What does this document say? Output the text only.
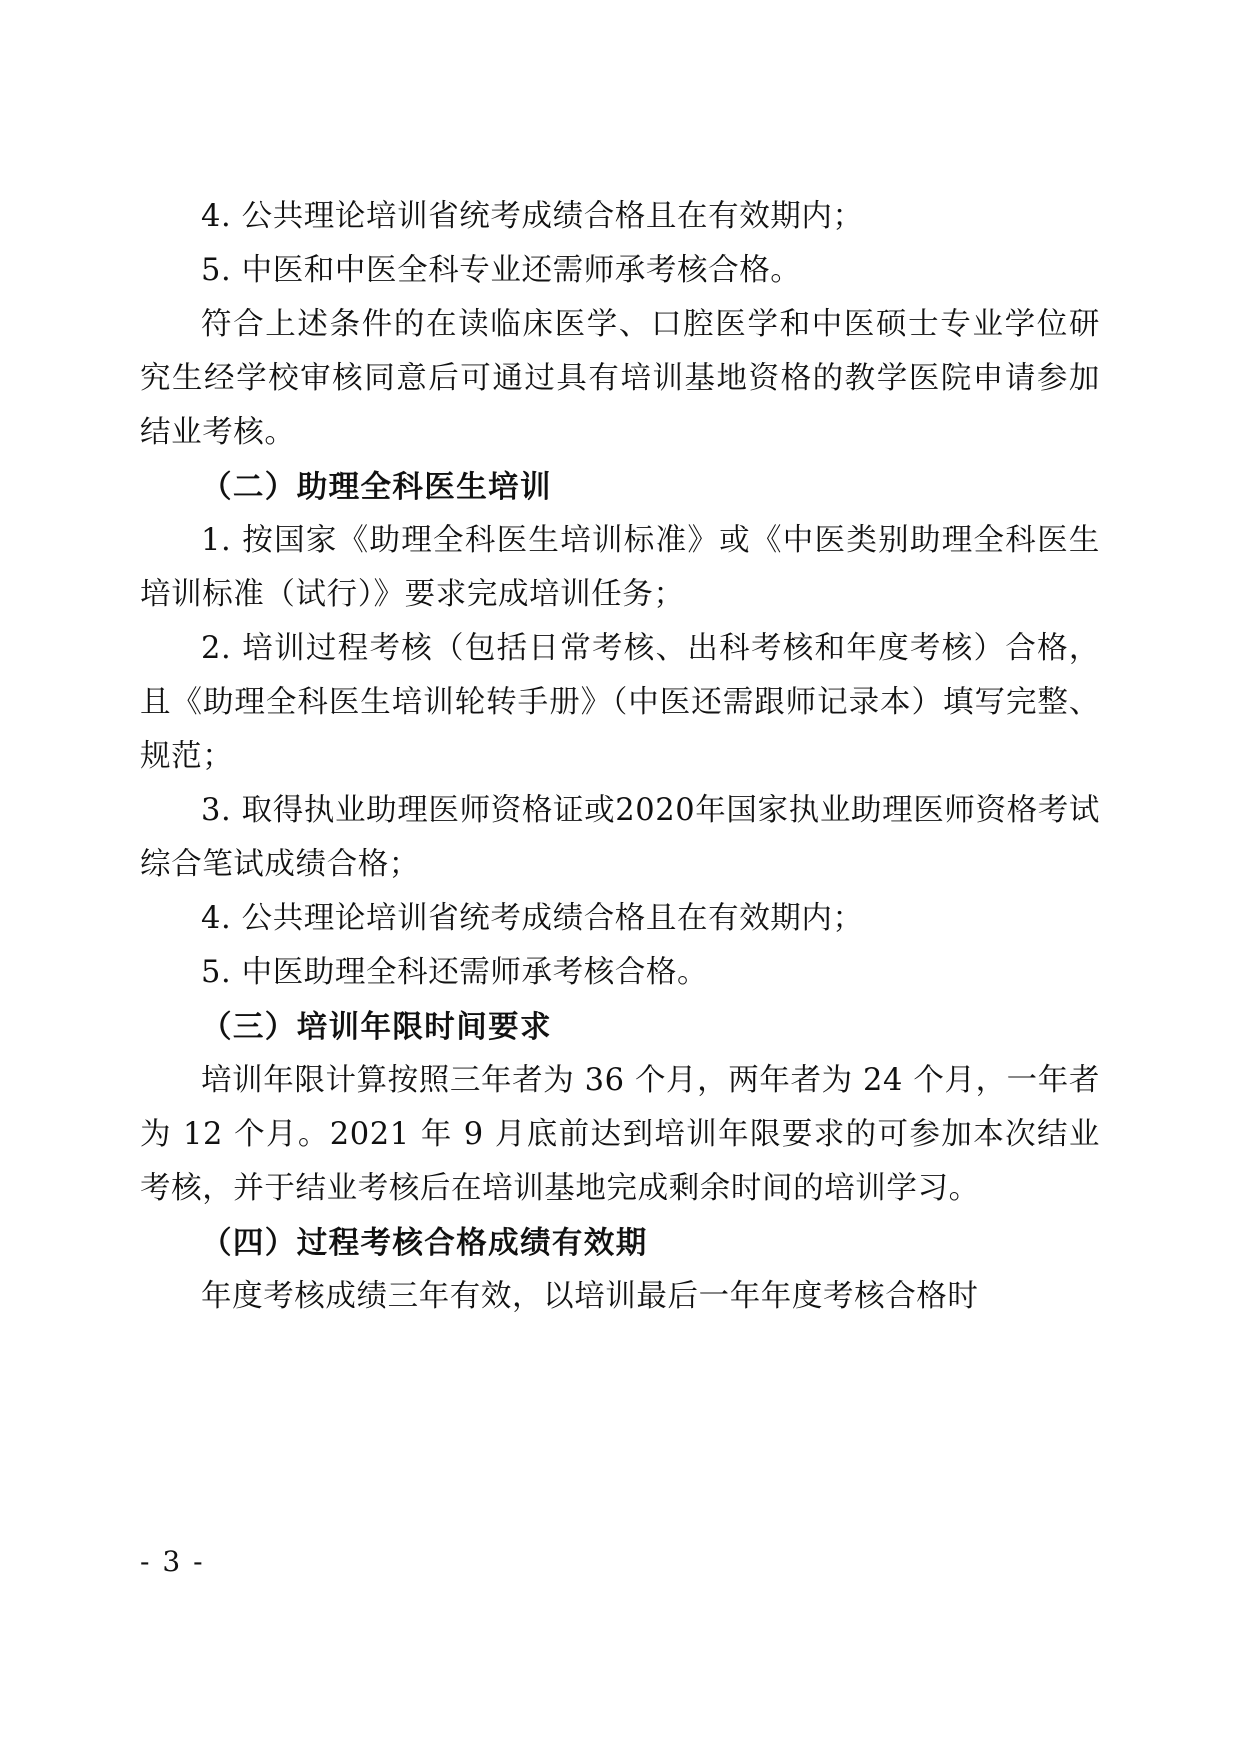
4. 公共理论培训省统考成绩合格且在有效期内；

5. 中医和中医全科专业还需师承考核合格。

符合上述条件的在读临床医学、口腔医学和中医硕士专业学位研究生经学校审核同意后可通过具有培训基地资格的教学医院申请参加结业考核。

（二）助理全科医生培训

1. 按国家《助理全科医生培训标准》或《中医类别助理全科医生培训标准（试行）》要求完成培训任务；

2. 培训过程考核（包括日常考核、出科考核和年度考核）合格，且《助理全科医生培训轮转手册》（中医还需跟师记录本）填写完整、规范；

3. 取得执业助理医师资格证或2020年国家执业助理医师资格考试综合笔试成绩合格；

4. 公共理论培训省统考成绩合格且在有效期内；

5. 中医助理全科还需师承考核合格。

（三）培训年限时间要求

培训年限计算按照三年者为 36 个月，两年者为 24 个月，一年者为 12 个月。2021 年 9 月底前达到培训年限要求的可参加本次结业考核，并于结业考核后在培训基地完成剩余时间的培训学习。

（四）过程考核合格成绩有效期

年度考核成绩三年有效，以培训最后一年年度考核合格时

- 3 -
